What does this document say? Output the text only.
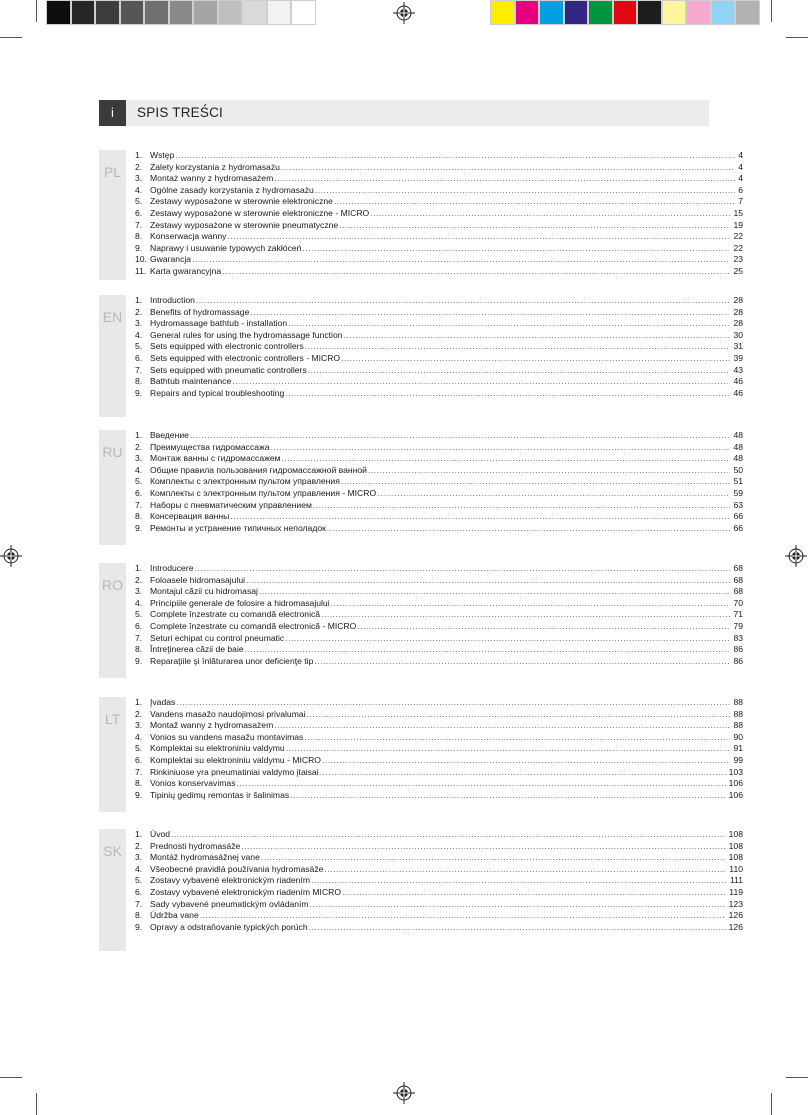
i	SPIS TREŚCI
PL
1. Wstęp .....	4
2. Zalety korzystania z hydromasażu .....	4
3. Montaż wanny z hydromasażem .....	4
4. Ogólne zasady korzystania z hydromasażu .....	6
5. Zestawy wyposażone w sterownie elektroniczne .....	7
6. Zestawy wyposażone w sterownie elektroniczne - MICRO .....	15
7. Zestawy wyposażone w sterownie pneumatyczne .....	19
8. Konserwacja wanny .....	22
9. Naprawy i usuwanie typowych zakłóceń .....	22
10. Gwarancja .....	23
11. Karta gwarancyjna .....	25
EN
1. Introduction .....	28
2. Benefits of hydromassage .....	28
3. Hydromassage bathtub - installation .....	28
4. General rules for using the hydromassage function .....	30
5. Sets equipped with electronic controllers .....	31
6. Sets equipped with electronic controllers - MICRO .....	39
7. Sets equipped with pneumatic controllers .....	43
8. Bathtub maintenance .....	46
9. Repairs and typical troubleshooting .....	46
RU
1. Введение .....	48
2. Преимущества гидромассажа .....	48
3. Монтаж ванны с гидромассажем .....	48
4. Общие правила пользования гидромассажной ванной .....	50
5. Комплекты с электронным пультом управления .....	51
6. Комплекты с электронным пультом управления - MICRO .....	59
7. Наборы с пневматическим управлением .....	63
8. Консервация ванны .....	66
9. Ремонты и устранение типичных неполадок .....	66
RO
1. Introducere .....	68
2. Foloasele hidromasajului .....	68
3. Montajul căzii cu hidromasaj .....	68
4. Principiile generale de folosire a hidromasajului .....	70
5. Complete înzestrate cu comandă electronică .....	71
6. Complete înzestrate cu comandă electronică - MICRO .....	79
7. Seturi echipat cu control pneumatic .....	83
8. Întreţinerea căzii de baie .....	86
9. Reparaţiile şi înlăturarea unor deficienţe tip .....	86
LT
1. Įvadas .....	88
2. Vandens masažo naudojimosi privalumai .....	88
3. Montaž wanny z hydromasażem .....	88
4. Vonios su vandens masažu montavimas .....	90
5. Komplektai su elektroniniu valdymu .....	91
6. Komplektai su elektroniniu valdymu - MICRO .....	99
7. Rinkiniuose yra pneumatiniai valdymo įtaisai .....	103
8. Vonios konservavimas .....	106
9. Tipinių gedimų remontas ir šalinimas .....	106
SK
1. Úvod .....	108
2. Prednosti hydromasáže .....	108
3. Montáž hydromasážnej vane .....	108
4. Všeobecné pravidlá používania hydromasáže .....	110
5. Zostavy vybavené elektronickým riadením .....	111
6. Zostavy vybavené elektronickým riadením MICRO .....	119
7. Sady vybavené pneumatickým ovládaním .....	123
8. Údržba vane .....	126
9. Opravy a odstraňovanie typických porúch .....	126
